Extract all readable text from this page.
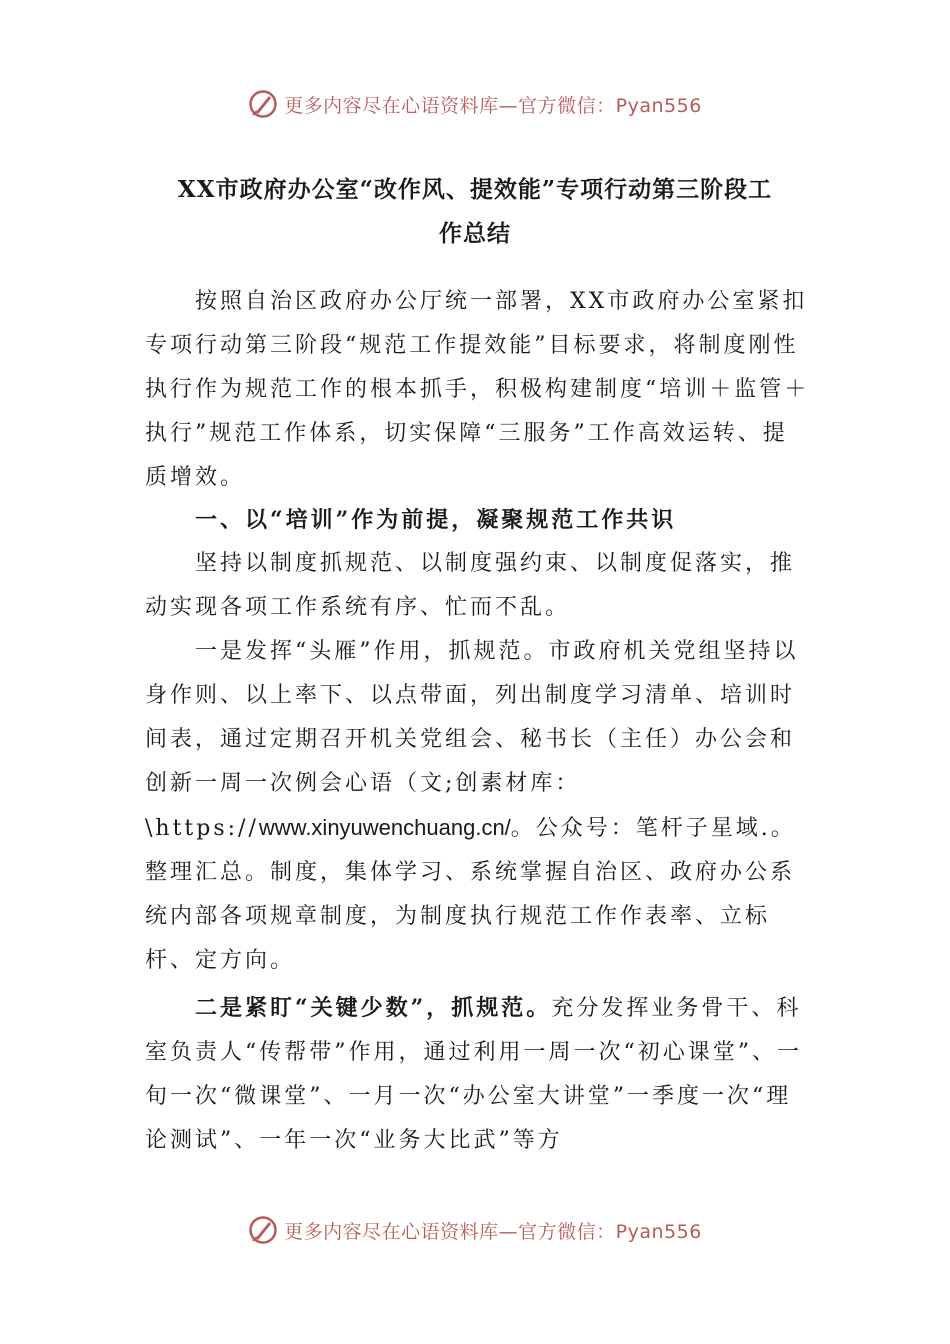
更多内容尽在心语资料库—官方微信：Pyan556
XX市政府办公室“改作风、提效能”专项行动第三阶段工
作总结

按照自治区政府办公厅统一部署，XX市政府办公室紧扣专项行动第三阶段“规范工作提效能”目标要求，将制度刚性执行作为规范工作的根本抓手，积极构建制度“培训＋监管＋执行”规范工作体系，切实保障“三服务”工作高效运转、提质增效。

一、以“培训”作为前提，凝聚规范工作共识

坚持以制度抓规范、以制度强约束、以制度促落实，推动实现各项工作系统有序、忙而不乱。

一是发挥“头雁”作用，抓规范。市政府机关党组坚持以身作则、以上率下、以点带面，列出制度学习清单、培训时间表，通过定期召开机关党组会、秘书长（主任）办公会和创新一周一次例会心语（文;创素材库：\https://www.xinyuwenchuang.cn/。公众号：笔杆子星域.。整理汇总。制度，集体学习、系统掌握自治区、政府办公系统内部各项规章制度，为制度执行规范工作作表率、立标杆、定方向。

二是紧盯“关键少数”，抓规范。充分发挥业务骨干、科室负责人“传帮带”作用，通过利用一周一次“初心课堂”、一旬一次“微课堂”、一月一次“办公室大讲堂”一季度一次“理论测试”、一年一次“业务大比武”等方

更多内容尽在心语资料库—官方微信：Pyan556
